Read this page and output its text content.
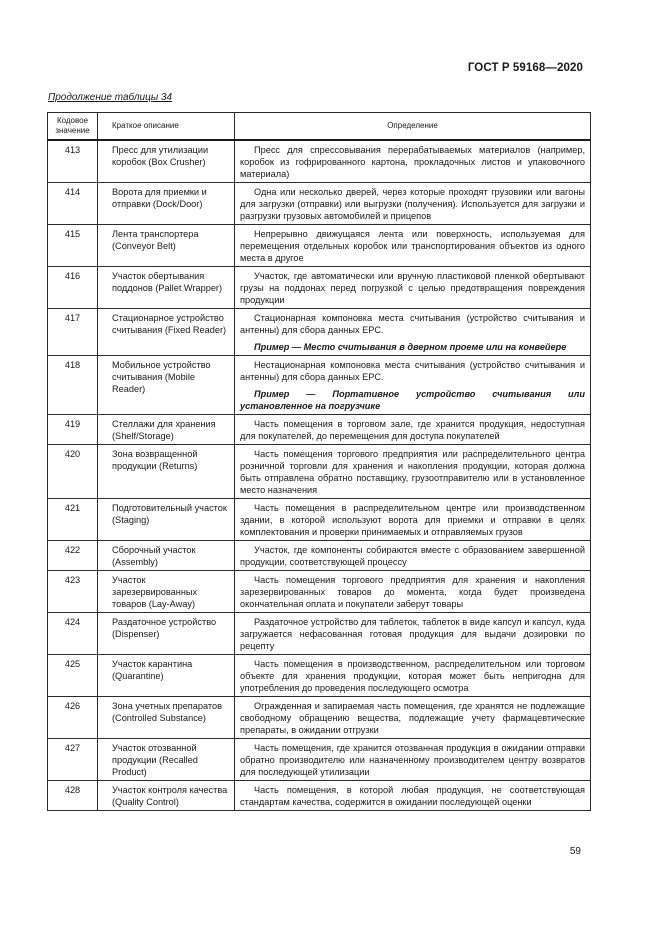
ГОСТ Р 59168—2020
Продолжение таблицы 34
Кодовое значение	Краткое описание	Определение
413	Пресс для утилизации коробок (Box Crusher)	Пресс для спрессовывания перерабатываемых материалов (например, коробок из гофрированного картона, прокладочных листов и упаковочного материала)

414	Ворота для приемки и отправки (Dock/Door)	Одна или несколько дверей, через которые проходят грузовики или вагоны для загрузки (отправки) или выгрузки (получения). Используется для загрузки и разгрузки грузовых автомобилей и прицепов

415	Лента транспортера (Conveyor Belt)	Непрерывно движущаяся лента или поверхность, используемая для перемещения отдельных коробок или транспортирования объектов из одного места в другое

416	Участок обертывания поддонов (Pallet Wrapper)	Участок, где автоматически или вручную пластиковой пленкой обертывают грузы на поддонах перед погрузкой с целью предотвращения повреждения продукции

417	Стационарное устройство считывания (Fixed Reader)	Стационарная компоновка места считывания (устройство считывания и антенны) для сбора данных EPC.
Пример — Место считывания в дверном проеме или на конвейере

418	Мобильное устройство считывания (Mobile Reader)	Нестационарная компоновка места считывания (устройство считывания и антенны) для сбора данных EPC.
Пример — Портативное устройство считывания или установленное на погрузчике

419	Стеллажи для хранения (Shelf/Storage)	Часть помещения в торговом зале, где хранится продукция, недоступная для покупателей, до перемещения для доступа покупателей

420	Зона возвращенной продукции (Returns)	Часть помещения торгового предприятия или распределительного центра розничной торговли для хранения и накопления продукции, которая должна быть отправлена обратно поставщику, грузоотправителю или в установленное место назначения

421	Подготовительный участок (Staging)	Часть помещения в распределительном центре или производственном здании, в которой используют ворота для приемки и отправки в целях комплектования и проверки принимаемых и отправляемых грузов

422	Сборочный участок (Assembly)	Участок, где компоненты собираются вместе с образованием завершенной продукции, соответствующей процессу

423	Участок зарезервированных товаров (Lay-Away)	Часть помещения торгового предприятия для хранения и накопления зарезервированных товаров до момента, когда будет произведена окончательная оплата и покупатели заберут товары

424	Раздаточное устройство (Dispenser)	Раздаточное устройство для таблеток, таблеток в виде капсул и капсул, куда загружается нефасованная готовая продукция для выдачи дозировки по рецепту

425	Участок карантина (Quarantine)	Часть помещения в производственном, распределительном или торговом объекте для хранения продукции, которая может быть непригодна для употребления до проведения последующего осмотра

426	Зона учетных препаратов (Controlled Substance)	Огражденная и запираемая часть помещения, где хранятся не подлежащие свободному обращению вещества, подлежащие учету фармацевтические препараты, в ожидании отгрузки

427	Участок отозванной продукции (Recalled Product)	Часть помещения, где хранится отозванная продукция в ожидании отправки обратно производителю или назначенному производителем центру возвратов для последующей утилизации

428	Участок контроля качества (Quality Control)	Часть помещения, в которой любая продукция, не соответствующая стандартам качества, содержится в ожидании последующей оценки
59
